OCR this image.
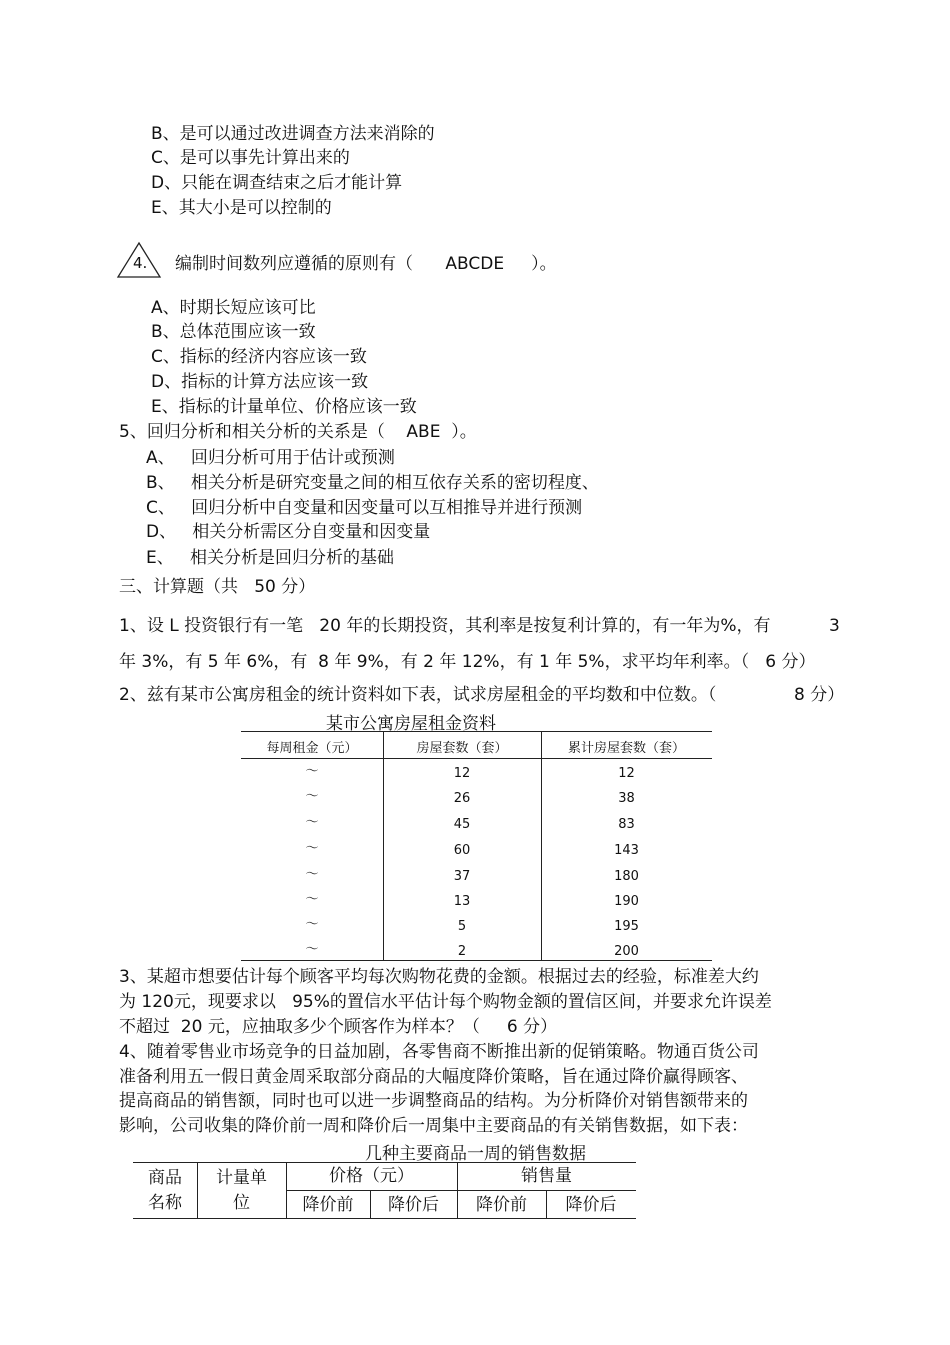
B、是可以通过改进调查方法来消除的
C、是可以事先计算出来的
D、只能在调查结束之后才能计算
E、其大小是可以控制的
4. 编制时间数列应遵循的原则有（      ABCDE     ）。
A、时期长短应该可比
B、总体范围应该一致
C、指标的经济内容应该一致
D、指标的计算方法应该一致
E、指标的计量单位、价格应该一致
5、回归分析和相关分析的关系是（    ABE  ）。
A、   回归分析可用于估计或预测
B、   相关分析是研究变量之间的相互依存关系的密切程度、
C、   回归分析中自变量和因变量可以互相推导并进行预测
D、   相关分析需区分自变量和因变量
E、   相关分析是回归分析的基础
三、计算题（共   50 分）
1、设 L 投资银行有一笔   20 年的长期投资，其利率是按复利计算的，有一年为%，有	3
年 3%，有 5 年 6%，有  8 年 9%，有 2 年 12%，有 1 年 5%，求平均年利率。（   6 分）
2、兹有某市公寓房租金的统计资料如下表，试求房屋租金的平均数和中位数。（	8 分）
某市公寓房屋租金资料
每周租金（元）	房屋套数（套）	累计房屋套数（套）
～	12	12
～	26	38
～	45	83
～	60	143
～	37	180
～	13	190
～	5	195
～	2	200
3、某超市想要估计每个顾客平均每次购物花费的金额。根据过去的经验，标准差大约
为 120元，现要求以   95%的置信水平估计每个购物金额的置信区间，并要求允许误差
不超过  20 元，应抽取多少个顾客作为样本？（     6 分）
4、随着零售业市场竞争的日益加剧，各零售商不断推出新的促销策略。物通百货公司
准备利用五一假日黄金周采取部分商品的大幅度降价策略，旨在通过降价赢得顾客、
提高商品的销售额，同时也可以进一步调整商品的结构。为分析降价对销售额带来的
影响，公司收集的降价前一周和降价后一周集中主要商品的有关销售数据，如下表：
几种主要商品一周的销售数据
商品
名称
计量单
位
价格（元）	销售量
降价前	降价后	降价前	降价后
